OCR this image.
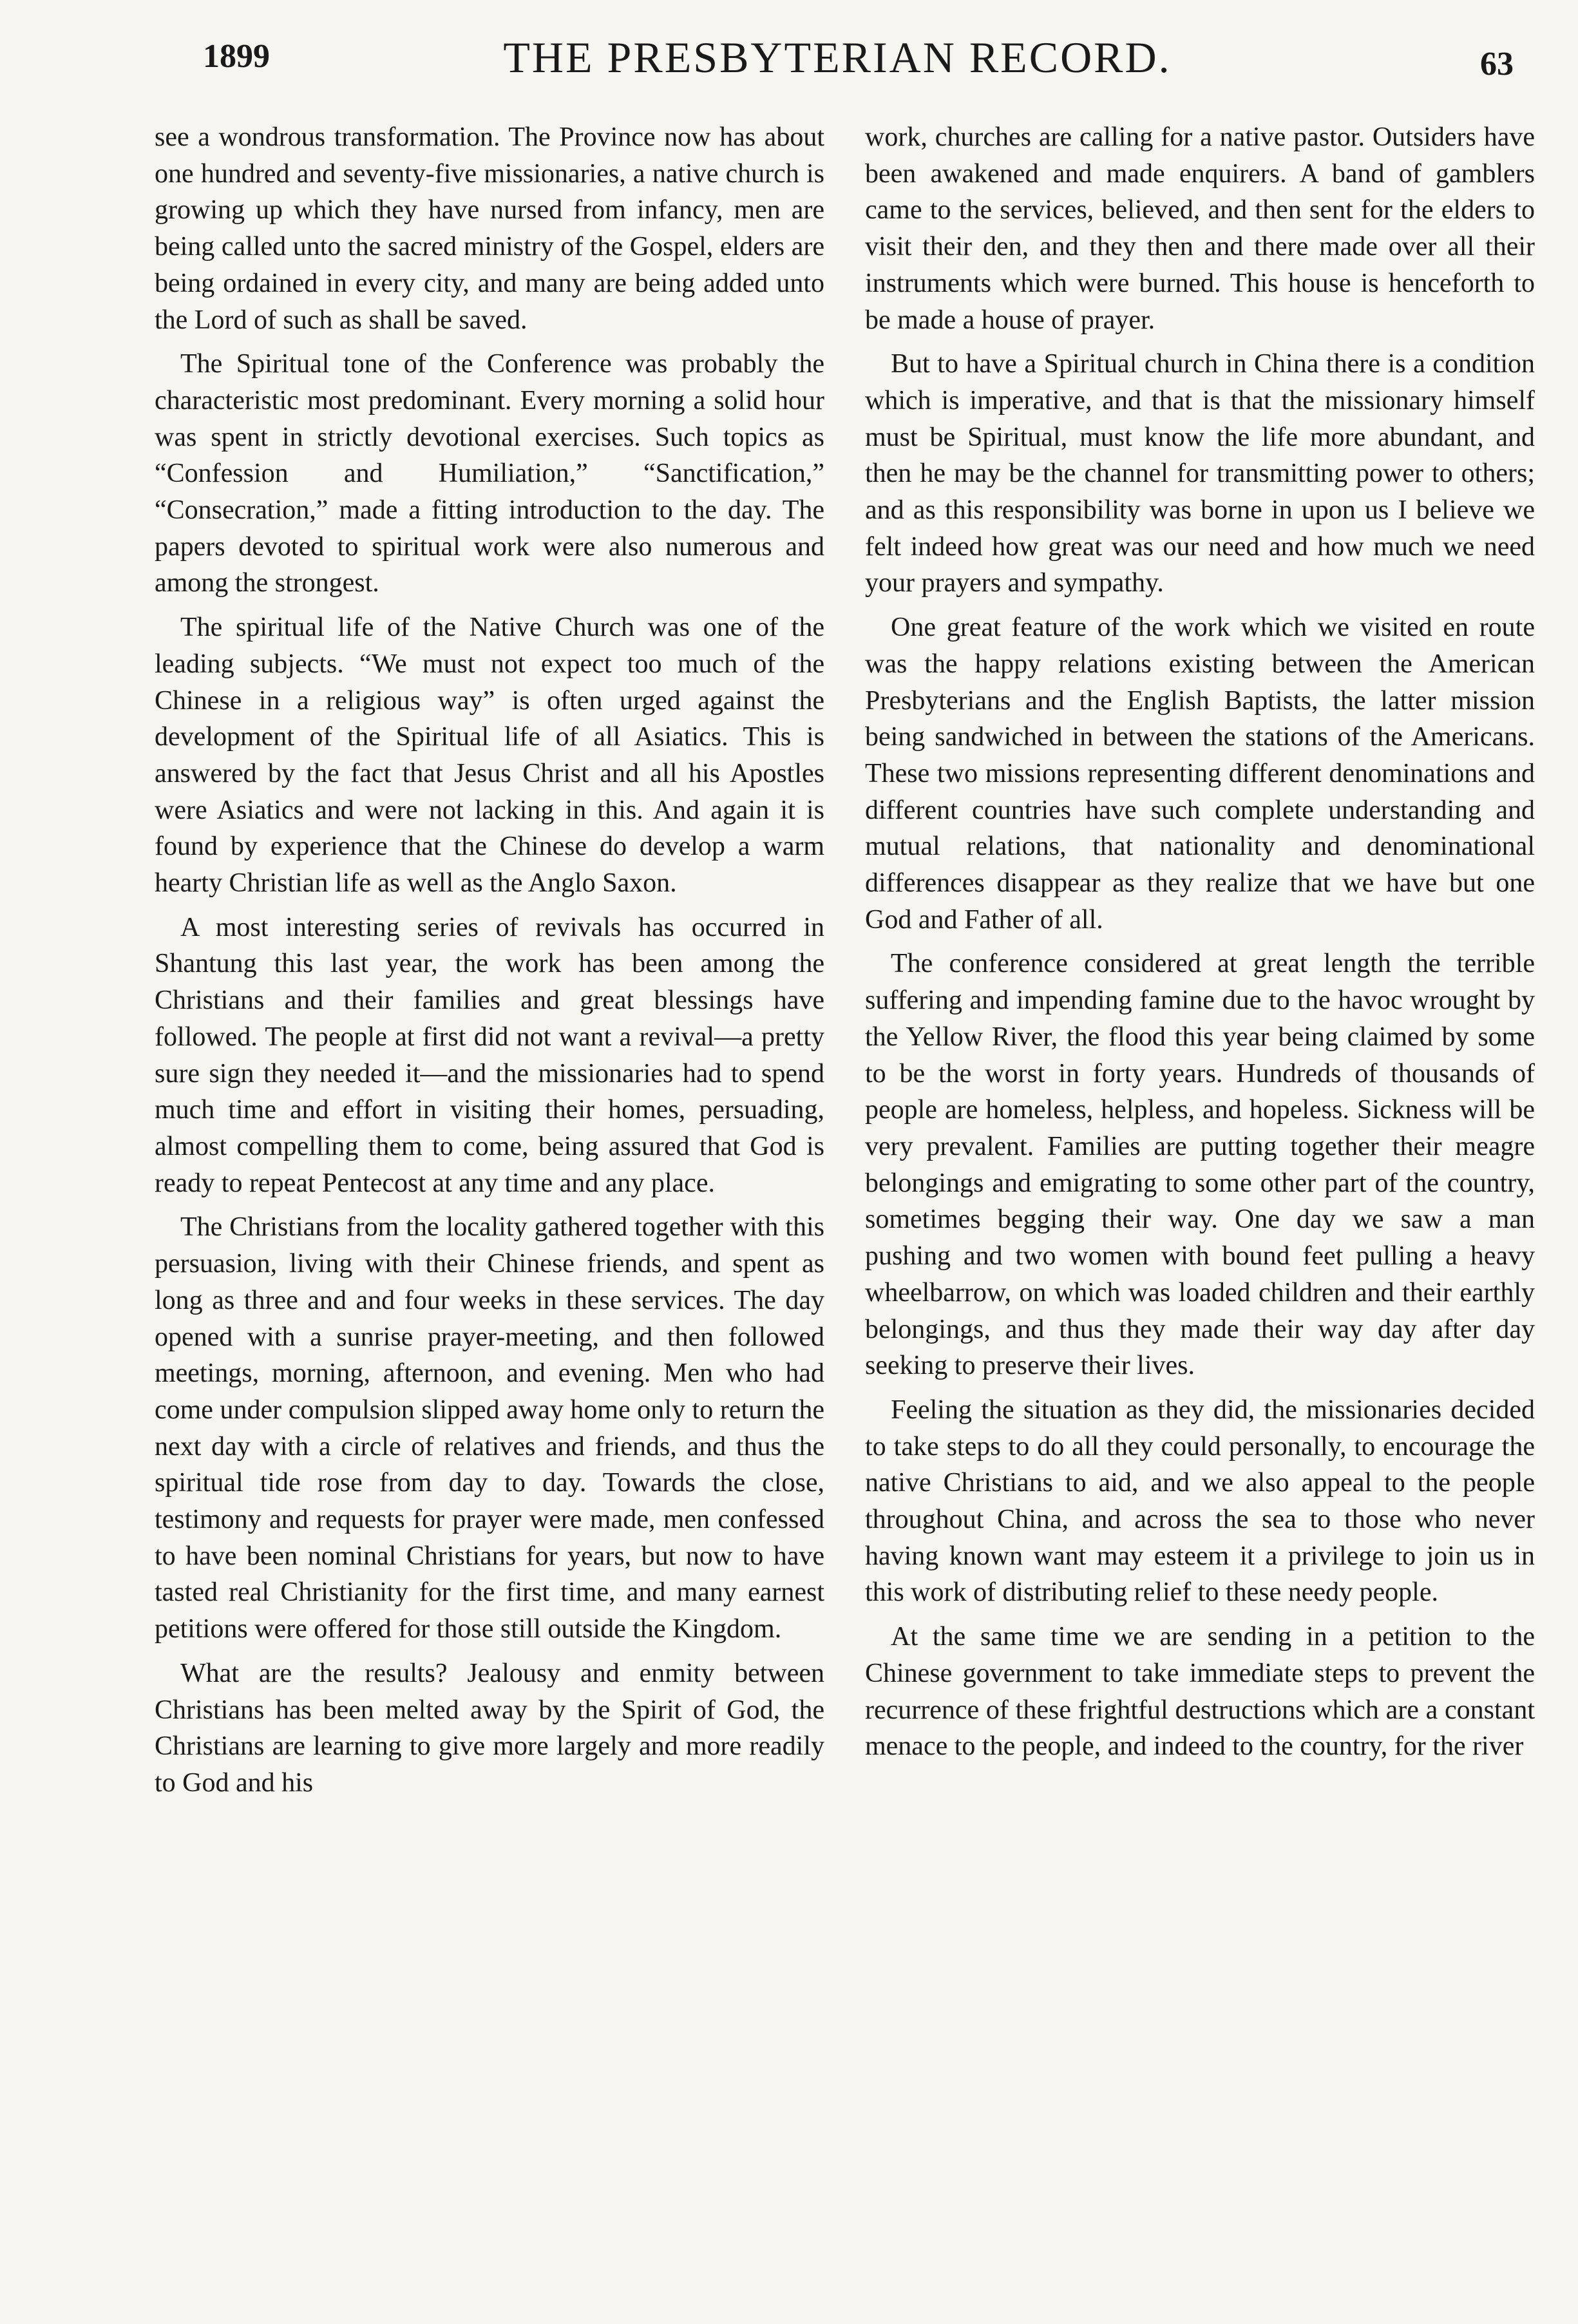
1899	THE PRESBYTERIAN RECORD.	63

see a wondrous transformation. The Province now has about one hundred and seventy-five missionaries, a native church is growing up which they have nursed from infancy, men are being called unto the sacred ministry of the Gospel, elders are being ordained in every city, and many are being added unto the Lord of such as shall be saved.

The Spiritual tone of the Conference was probably the characteristic most predominant. Every morning a solid hour was spent in strictly devotional exercises. Such topics as “Confession and Humiliation,” “Sanctification,” “Consecration,” made a fitting introduction to the day. The papers devoted to spiritual work were also numerous and among the strongest.

The spiritual life of the Native Church was one of the leading subjects. “We must not expect too much of the Chinese in a religious way” is often urged against the development of the Spiritual life of all Asiatics. This is answered by the fact that Jesus Christ and all his Apostles were Asiatics and were not lacking in this. And again it is found by experience that the Chinese do develop a warm hearty Christian life as well as the Anglo Saxon.

A most interesting series of revivals has occurred in Shantung this last year, the work has been among the Christians and their families and great blessings have followed. The people at first did not want a revival—a pretty sure sign they needed it—and the missionaries had to spend much time and effort in visiting their homes, persuading, almost compelling them to come, being assured that God is ready to repeat Pentecost at any time and any place.

The Christians from the locality gathered together with this persuasion, living with their Chinese friends, and spent as long as three and and four weeks in these services. The day opened with a sunrise prayer-meeting, and then followed meetings, morning, afternoon, and evening. Men who had come under compulsion slipped away home only to return the next day with a circle of relatives and friends, and thus the spiritual tide rose from day to day. Towards the close, testimony and requests for prayer were made, men confessed to have been nominal Christians for years, but now to have tasted real Christianity for the first time, and many earnest petitions were offered for those still outside the Kingdom.

What are the results? Jealousy and enmity between Christians has been melted away by the Spirit of God, the Christians are learning to give more largely and more readily to God and his

work, churches are calling for a native pastor. Outsiders have been awakened and made enquirers. A band of gamblers came to the services, believed, and then sent for the elders to visit their den, and they then and there made over all their instruments which were burned. This house is henceforth to be made a house of prayer.

But to have a Spiritual church in China there is a condition which is imperative, and that is that the missionary himself must be Spiritual, must know the life more abundant, and then he may be the channel for transmitting power to others; and as this responsibility was borne in upon us I believe we felt indeed how great was our need and how much we need your prayers and sympathy.

One great feature of the work which we visited en route was the happy relations existing between the American Presbyterians and the English Baptists, the latter mission being sandwiched in between the stations of the Americans. These two missions representing different denominations and different countries have such complete understanding and mutual relations, that nationality and denominational differences disappear as they realize that we have but one God and Father of all.

The conference considered at great length the terrible suffering and impending famine due to the havoc wrought by the Yellow River, the flood this year being claimed by some to be the worst in forty years. Hundreds of thousands of people are homeless, helpless, and hopeless. Sickness will be very prevalent. Families are putting together their meagre belongings and emigrating to some other part of the country, sometimes begging their way. One day we saw a man pushing and two women with bound feet pulling a heavy wheelbarrow, on which was loaded children and their earthly belongings, and thus they made their way day after day seeking to preserve their lives.

Feeling the situation as they did, the missionaries decided to take steps to do all they could personally, to encourage the native Christians to aid, and we also appeal to the people throughout China, and across the sea to those who never having known want may esteem it a privilege to join us in this work of distributing relief to these needy people.

At the same time we are sending in a petition to the Chinese government to take immediate steps to prevent the recurrence of these frightful destructions which are a constant menace to the people, and indeed to the country, for the river
